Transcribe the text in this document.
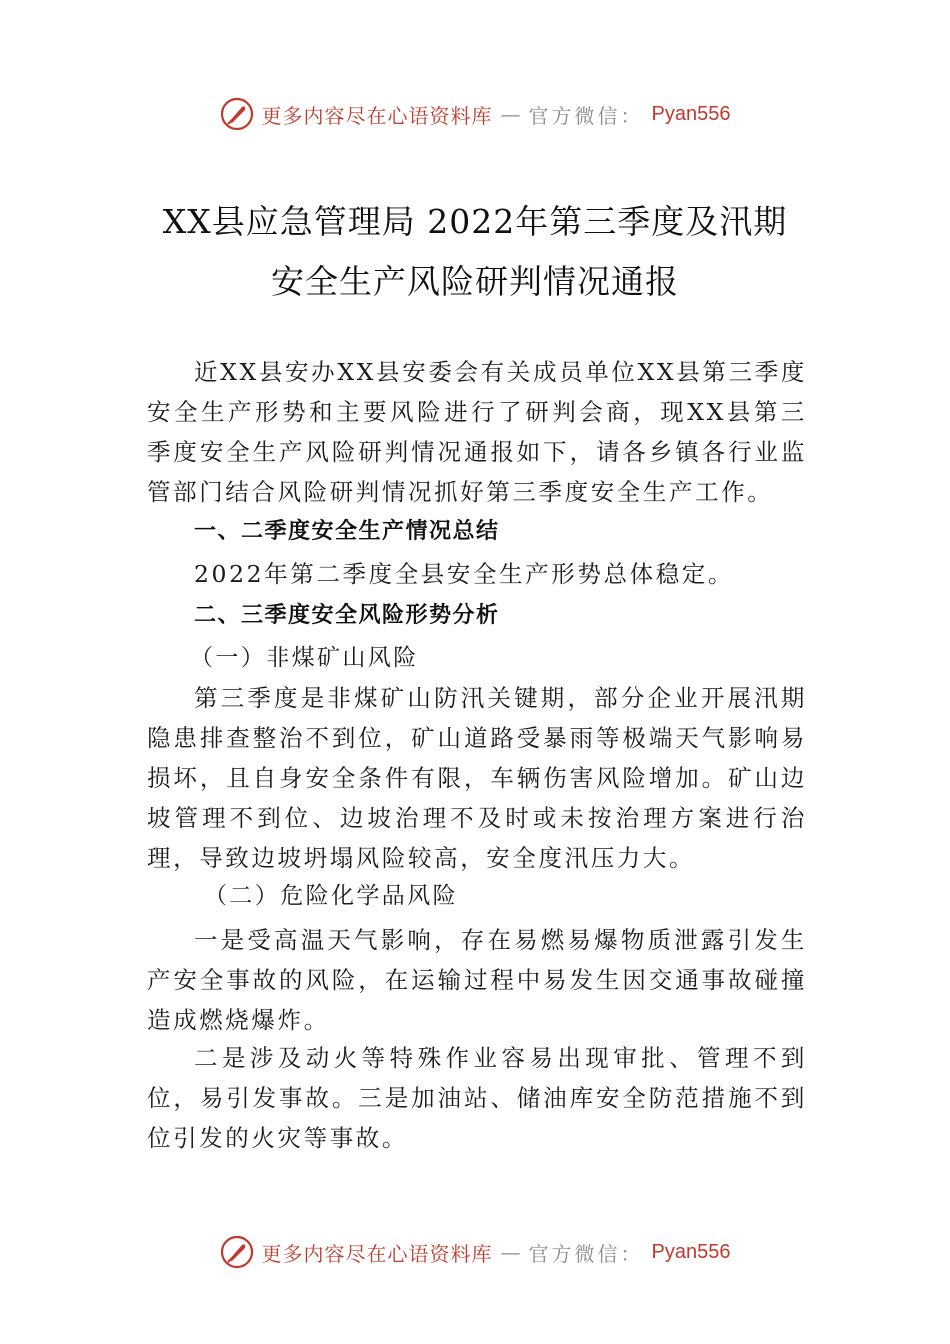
更多内容尽在心语资料库 — 官方微信： Pyan556
XX县应急管理局 2022年第三季度及汛期
安全生产风险研判情况通报
近XX县安办XX县安委会有关成员单位XX县第三季度安全生产形势和主要风险进行了研判会商，现XX县第三季度安全生产风险研判情况通报如下，请各乡镇各行业监管部门结合风险研判情况抓好第三季度安全生产工作。
一、二季度安全生产情况总结
2022年第二季度全县安全生产形势总体稳定。
二、三季度安全风险形势分析
（一）非煤矿山风险
第三季度是非煤矿山防汛关键期，部分企业开展汛期隐患排查整治不到位，矿山道路受暴雨等极端天气影响易损坏，且自身安全条件有限，车辆伤害风险增加。矿山边坡管理不到位、边坡治理不及时或未按治理方案进行治理，导致边坡坍塌风险较高，安全度汛压力大。
（二）危险化学品风险
一是受高温天气影响，存在易燃易爆物质泄露引发生产安全事故的风险，在运输过程中易发生因交通事故碰撞造成燃烧爆炸。
二是涉及动火等特殊作业容易出现审批、管理不到位，易引发事故。三是加油站、储油库安全防范措施不到位引发的火灾等事故。
更多内容尽在心语资料库 — 官方微信： Pyan556
